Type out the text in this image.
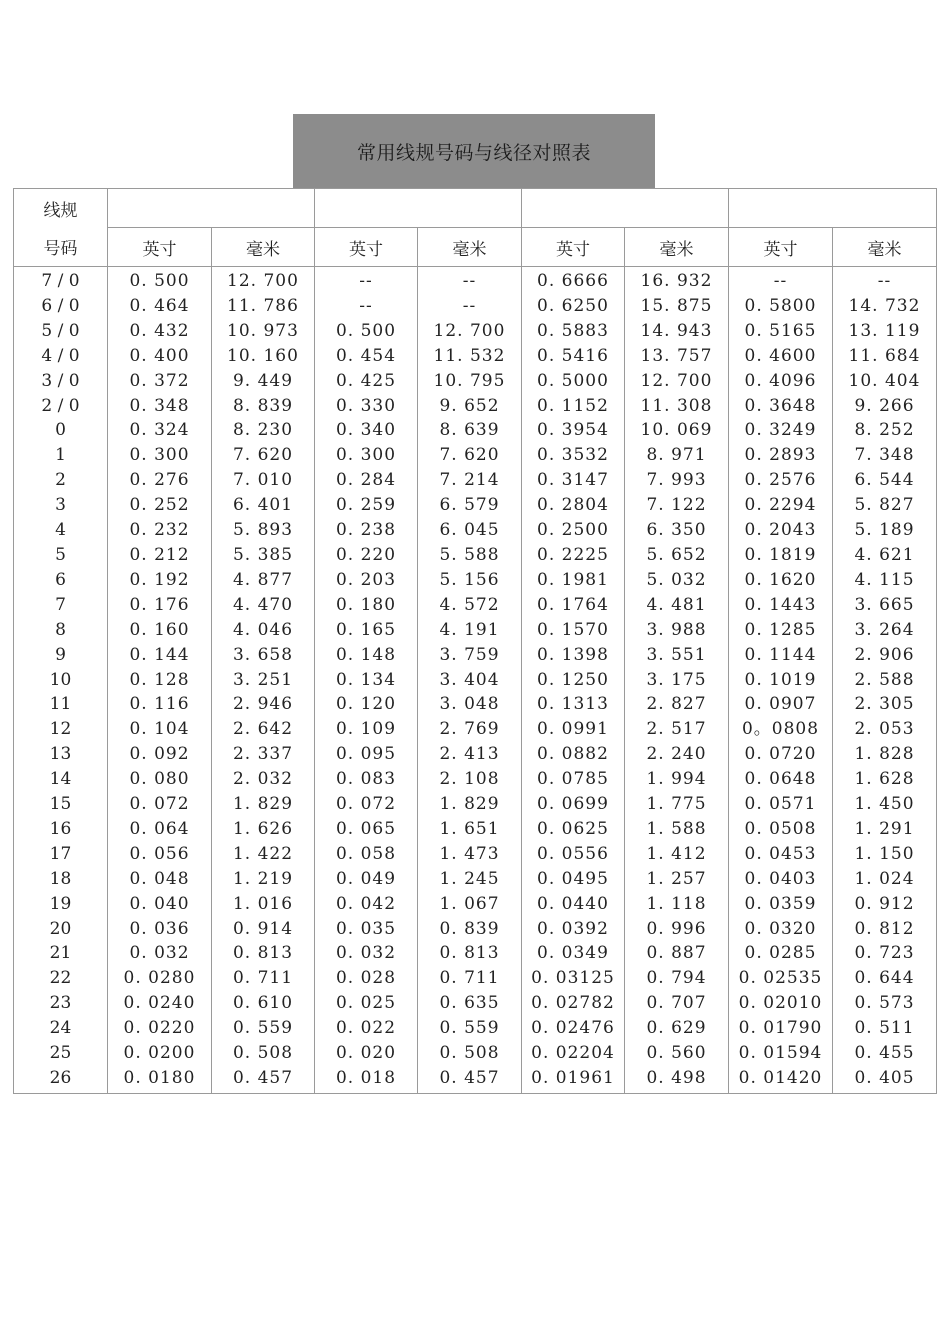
常用线规号码与线径对照表
线规								
号码	英寸	毫米	英寸	毫米	英寸	毫米	英寸	毫米
7 / 0	0. 500	12. 700	--	--	0. 6666	16. 932	--	--
6 / 0	0. 464	11. 786	--	--	0. 6250	15. 875	0. 5800	14. 732
5 / 0	0. 432	10. 973	0. 500	12. 700	0. 5883	14. 943	0. 5165	13. 119
4 / 0	0. 400	10. 160	0. 454	11. 532	0. 5416	13. 757	0. 4600	11. 684
3 / 0	0. 372	9. 449	0. 425	10. 795	0. 5000	12. 700	0. 4096	10. 404
2 / 0	0. 348	8. 839	0. 330	9. 652	0. 1152	11. 308	0. 3648	9. 266
0	0. 324	8. 230	0. 340	8. 639	0. 3954	10. 069	0. 3249	8. 252
1	0. 300	7. 620	0. 300	7. 620	0. 3532	8. 971	0. 2893	7. 348
2	0. 276	7. 010	0. 284	7. 214	0. 3147	7. 993	0. 2576	6. 544
3	0. 252	6. 401	0. 259	6. 579	0. 2804	7. 122	0. 2294	5. 827
4	0. 232	5. 893	0. 238	6. 045	0. 2500	6. 350	0. 2043	5. 189
5	0. 212	5. 385	0. 220	5. 588	0. 2225	5. 652	0. 1819	4. 621
6	0. 192	4. 877	0. 203	5. 156	0. 1981	5. 032	0. 1620	4. 115
7	0. 176	4. 470	0. 180	4. 572	0. 1764	4. 481	0. 1443	3. 665
8	0. 160	4. 046	0. 165	4. 191	0. 1570	3. 988	0. 1285	3. 264
9	0. 144	3. 658	0. 148	3. 759	0. 1398	3. 551	0. 1144	2. 906
10	0. 128	3. 251	0. 134	3. 404	0. 1250	3. 175	0. 1019	2. 588
11	0. 116	2. 946	0. 120	3. 048	0. 1313	2. 827	0. 0907	2. 305
12	0. 104	2. 642	0. 109	2. 769	0. 0991	2. 517	0。0808	2. 053
13	0. 092	2. 337	0. 095	2. 413	0. 0882	2. 240	0. 0720	1. 828
14	0. 080	2. 032	0. 083	2. 108	0. 0785	1. 994	0. 0648	1. 628
15	0. 072	1. 829	0. 072	1. 829	0. 0699	1. 775	0. 0571	1. 450
16	0. 064	1. 626	0. 065	1. 651	0. 0625	1. 588	0. 0508	1. 291
17	0. 056	1. 422	0. 058	1. 473	0. 0556	1. 412	0. 0453	1. 150
18	0. 048	1. 219	0. 049	1. 245	0. 0495	1. 257	0. 0403	1. 024
19	0. 040	1. 016	0. 042	1. 067	0. 0440	1. 118	0. 0359	0. 912
20	0. 036	0. 914	0. 035	0. 839	0. 0392	0. 996	0. 0320	0. 812
21	0. 032	0. 813	0. 032	0. 813	0. 0349	0. 887	0. 0285	0. 723
22	0. 0280	0. 711	0. 028	0. 711	0. 03125	0. 794	0. 02535	0. 644
23	0. 0240	0. 610	0. 025	0. 635	0. 02782	0. 707	0. 02010	0. 573
24	0. 0220	0. 559	0. 022	0. 559	0. 02476	0. 629	0. 01790	0. 511
25	0. 0200	0. 508	0. 020	0. 508	0. 02204	0. 560	0. 01594	0. 455
26	0. 0180	0. 457	0. 018	0. 457	0. 01961	0. 498	0. 01420	0. 405
